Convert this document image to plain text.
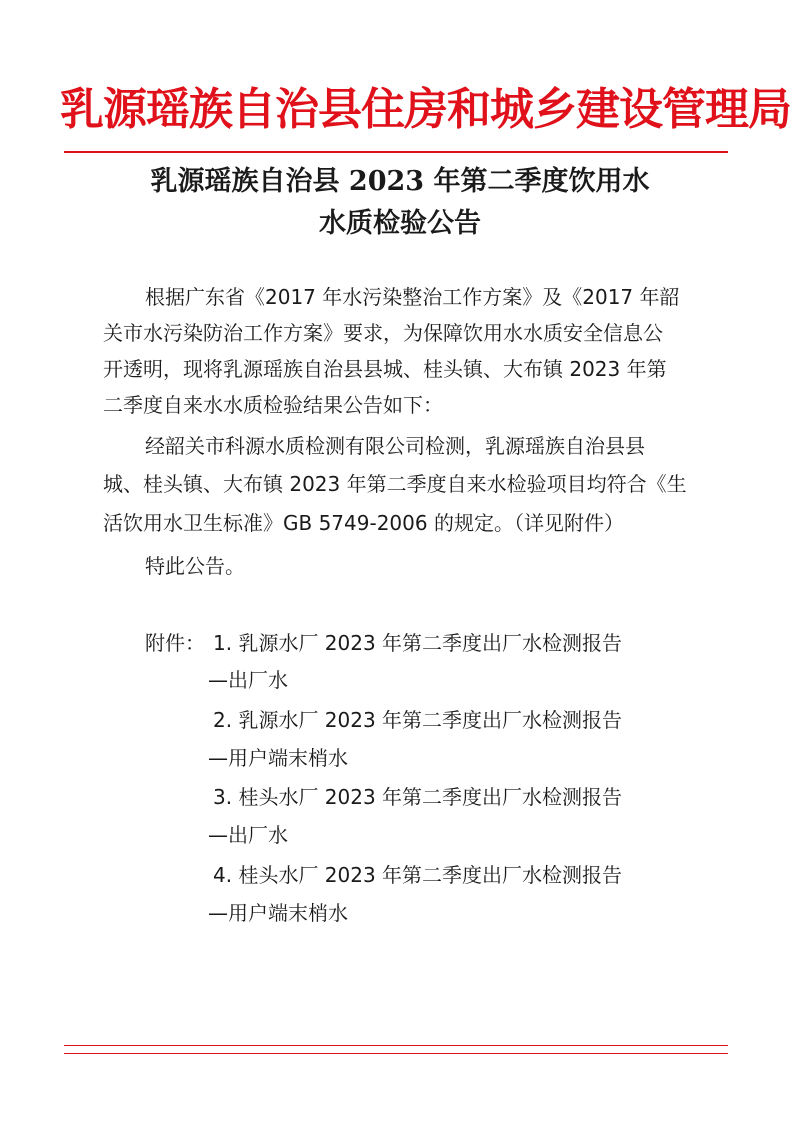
乳源瑶族自治县住房和城乡建设管理局
乳源瑶族自治县 2023 年第二季度饮用水
水质检验公告
根据广东省《2017 年水污染整治工作方案》及《2017 年韶
关市水污染防治工作方案》要求，为保障饮用水水质安全信息公
开透明，现将乳源瑶族自治县县城、桂头镇、大布镇 2023 年第
二季度自来水水质检验结果公告如下：
经韶关市科源水质检测有限公司检测，乳源瑶族自治县县
城、桂头镇、大布镇 2023 年第二季度自来水检验项目均符合《生
活饮用水卫生标准》GB 5749-2006 的规定。（详见附件）
特此公告。
附件： 1. 乳源水厂 2023 年第二季度出厂水检测报告
—出厂水
2. 乳源水厂 2023 年第二季度出厂水检测报告
—用户端末梢水
3. 桂头水厂 2023 年第二季度出厂水检测报告
—出厂水
4. 桂头水厂 2023 年第二季度出厂水检测报告
—用户端末梢水
